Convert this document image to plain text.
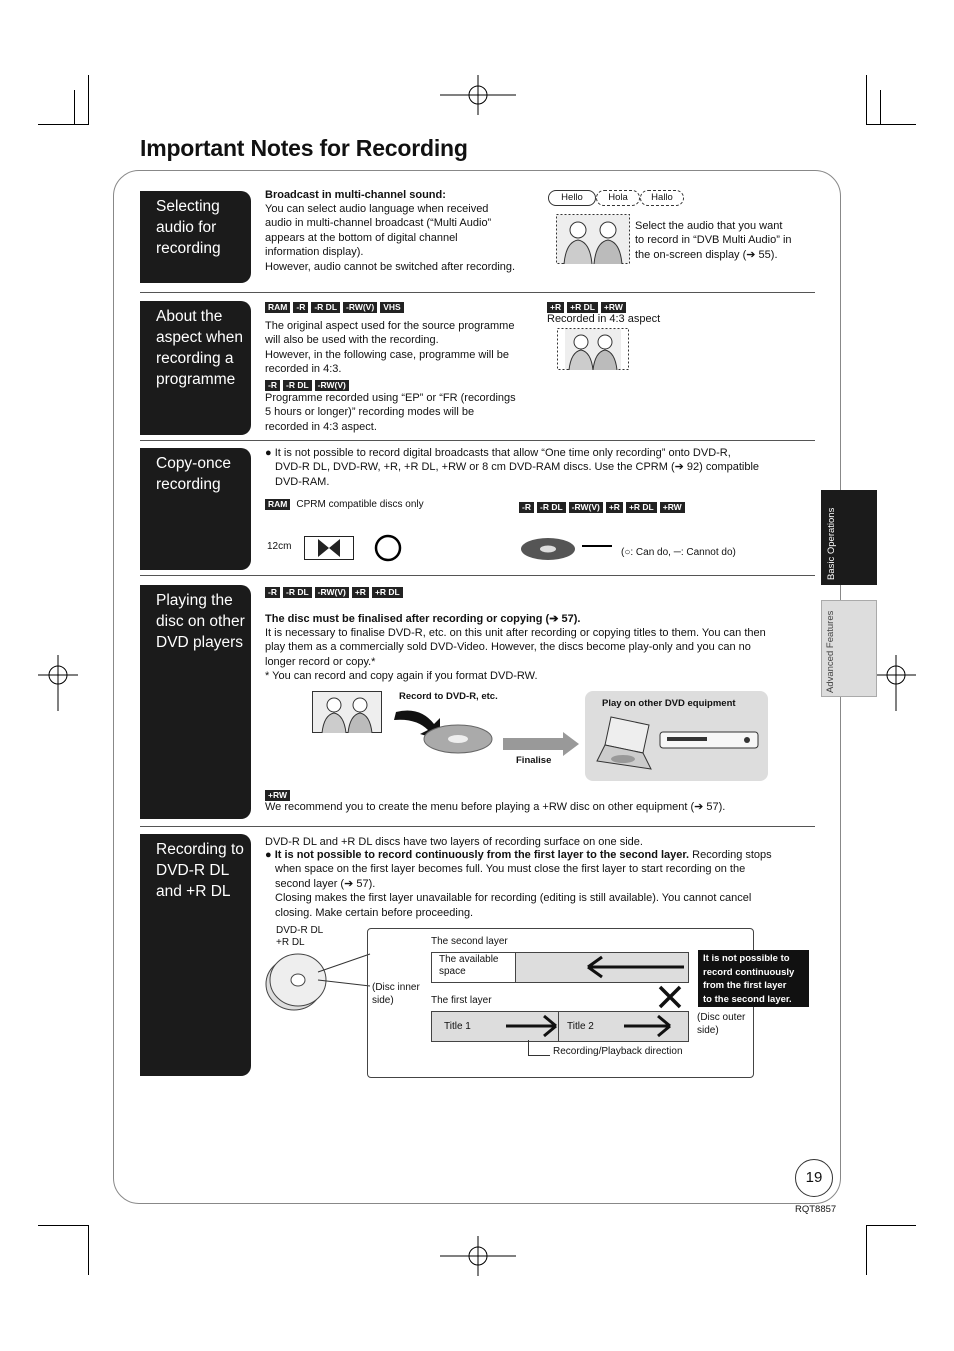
Important Notes for Recording
Basic Operations
Advanced Features
Selecting audio for recording
Broadcast in multi-channel sound:
You can select audio language when received
audio in multi-channel broadcast (“Multi Audio”
appears at the bottom of digital channel
information display).
However, audio cannot be switched after recording.
Hello	Hola	Hallo
Select the audio that you want
to record in “DVB Multi Audio” in
the on-screen display (➔ 55).
About the aspect when recording a programme
RAM -R -R DL -RW(V) VHS
The original aspect used for the source programme
will also be used with the recording.
However, in the following case, programme will be
recorded in 4:3.
-R -R DL -RW(V)
Programme recorded using “EP” or “FR (recordings
5 hours or longer)” recording modes will be
recorded in 4:3 aspect.
+R +R DL +RW
Recorded in 4:3 aspect
Copy-once recording
● It is not possible to record digital broadcasts that allow “One time only recording” onto DVD-R,
DVD-R DL, DVD-RW, +R, +R DL, +RW or 8 cm DVD-RAM discs. Use the CPRM (➔ 92) compatible
DVD-RAM.
RAM CPRM compatible discs only	-R -R DL -RW(V) +R +R DL +RW
12cm
(○: Can do, ─: Cannot do)
Playing the disc on other DVD players
-R -R DL -RW(V) +R +R DL
The disc must be finalised after recording or copying (➔ 57).
It is necessary to finalise DVD-R, etc. on this unit after recording or copying titles to them. You can then
play them as a commercially sold DVD-Video. However, the discs become play-only and you can no
longer record or copy.*
* You can record and copy again if you format DVD-RW.
Record to DVD-R, etc.
Finalise
Play on other DVD equipment
+RW
We recommend you to create the menu before playing a +RW disc on other equipment (➔ 57).
Recording to DVD-R DL and +R DL
DVD-R DL and +R DL discs have two layers of recording surface on one side.
● It is not possible to record continuously from the first layer to the second layer. Recording stops
when space on the first layer becomes full. You must close the first layer to start recording on the
second layer (➔ 57).
Closing makes the first layer unavailable for recording (editing is still available). You cannot cancel
closing. Make certain before proceeding.
DVD-R DL
+R DL	The second layer
The available
space
(Disc inner
side)	The first layer
Title 1	Title 2
Recording/Playback direction
(Disc outer
side)
It is not possible to
record continuously
from the first layer
to the second layer.
19
RQT8857
